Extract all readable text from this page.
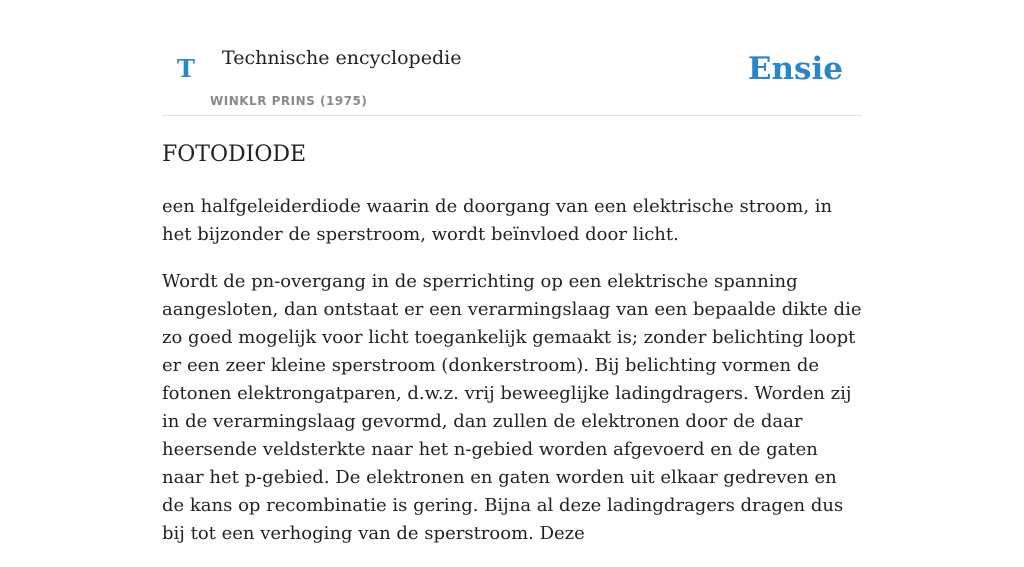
T Technische encyclopedie
WINKLR PRINS (1975)
Ensie
FOTODIODE

een halfgeleiderdiode waarin de doorgang van een elektrische stroom, in het bijzonder de sperstroom, wordt beïnvloed door licht.

Wordt de pn-overgang in de sperrichting op een elektrische spanning aangesloten, dan ontstaat er een verarmingslaag van een bepaalde dikte die zo goed mogelijk voor licht toegankelijk gemaakt is; zonder belichting loopt er een zeer kleine sperstroom (donkerstroom). Bij belichting vormen de fotonen elektrongatparen, d.w.z. vrij beweeglijke ladingdragers. Worden zij in de verarmingslaag gevormd, dan zullen de elektronen door de daar heersende veldsterkte naar het n-gebied worden afgevoerd en de gaten naar het p-gebied. De elektronen en gaten worden uit elkaar gedreven en de kans op recombinatie is gering. Bijna al deze ladingdragers dragen dus bij tot een verhoging van de sperstroom. Deze
